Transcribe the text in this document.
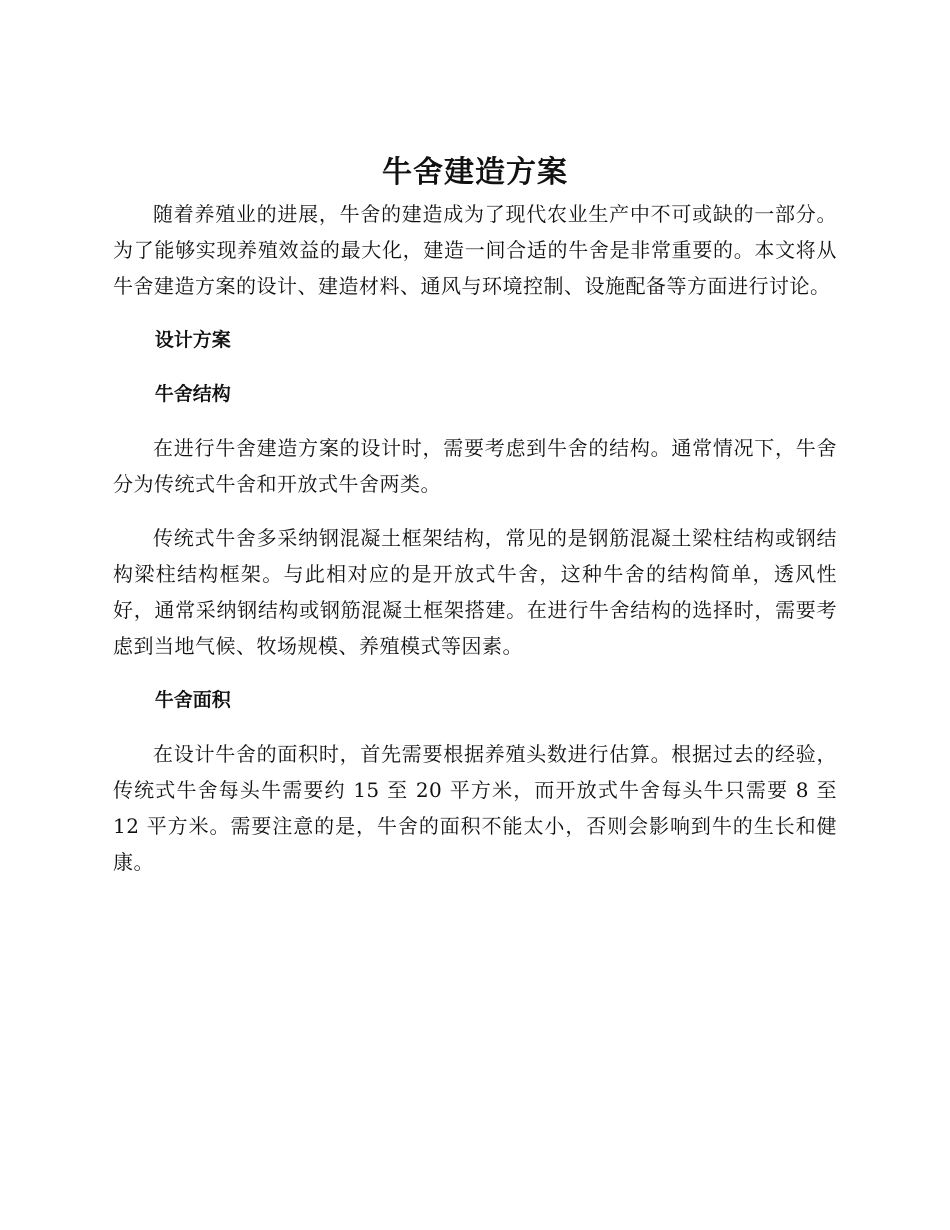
牛舍建造方案

随着养殖业的进展，牛舍的建造成为了现代农业生产中不可或缺的一部分。为了能够实现养殖效益的最大化，建造一间合适的牛舍是非常重要的。本文将从牛舍建造方案的设计、建造材料、通风与环境控制、设施配备等方面进行讨论。

设计方案
牛舍结构

在进行牛舍建造方案的设计时，需要考虑到牛舍的结构。通常情况下，牛舍分为传统式牛舍和开放式牛舍两类。

传统式牛舍多采纳钢混凝土框架结构，常见的是钢筋混凝土梁柱结构或钢结构梁柱结构框架。与此相对应的是开放式牛舍，这种牛舍的结构简单，透风性好，通常采纳钢结构或钢筋混凝土框架搭建。在进行牛舍结构的选择时，需要考虑到当地气候、牧场规模、养殖模式等因素。

牛舍面积

在设计牛舍的面积时，首先需要根据养殖头数进行估算。根据过去的经验，传统式牛舍每头牛需要约 15 至 20 平方米，而开放式牛舍每头牛只需要 8 至 12 平方米。需要注意的是，牛舍的面积不能太小，否则会影响到牛的生长和健康。
